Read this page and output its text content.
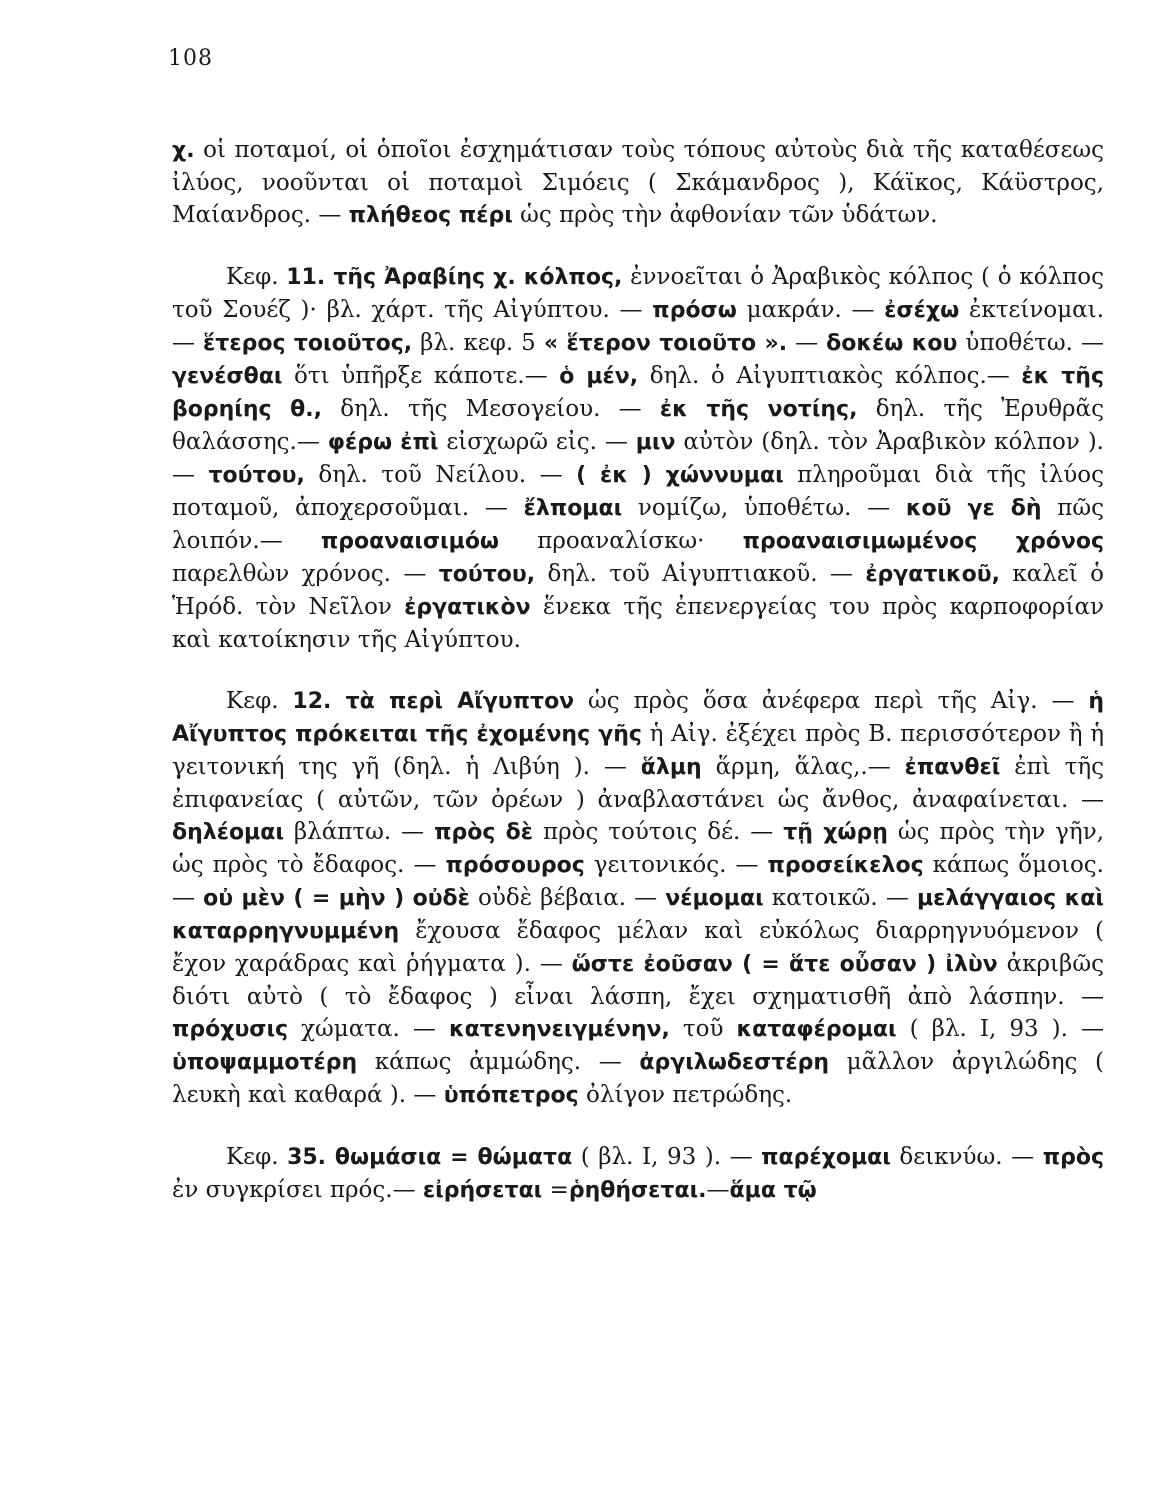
108

χ. οἱ ποταμοί, οἱ ὁποῖοι ἐσχημάτισαν τοὺς τόπους αὐτοὺς διὰ τῆς καταθέσεως ἰλύος, νοοῦνται οἱ ποταμοὶ Σιμόεις ( Σκάμανδρος ), Κάϊκος, Κάϋστρος, Μαίανδρος. — πλήθεος πέρι ὡς πρὸς τὴν ἀφθονίαν τῶν ὑδάτων.

Κεφ. 11. τῆς Ἀραβίης χ. κόλπος, ἐννοεῖται ὁ Ἀραβικὸς κόλπος ( ὁ κόλπος τοῦ Σουέζ )· βλ. χάρτ. τῆς Αἰγύπτου. — πρόσω μακράν. — ἐσέχω ἐκτείνομαι. — ἕτερος τοιοῦτος, βλ. κεφ. 5 « ἕτερον τοιοῦτο ». — δοκέω κου ὑποθέτω. — γενέσθαι ὅτι ὑπῆρξε κάποτε.— ὁ μέν, δηλ. ὁ Αἰγυπτιακὸς κόλπος.— ἐκ τῆς βορηίης θ., δηλ. τῆς Μεσογείου. — ἐκ τῆς νοτίης, δηλ. τῆς Ἐρυθρᾶς θαλάσσης.— φέρω ἐπὶ εἰσχωρῶ εἰς. — μιν αὐτὸν (δηλ. τὸν Ἀραβικὸν κόλπον ). — τούτου, δηλ. τοῦ Νείλου. — ( ἐκ ) χώννυμαι πληροῦμαι διὰ τῆς ἰλύος ποταμοῦ, ἀποχερσοῦμαι. — ἔλπομαι νομίζω, ὑποθέτω. — κοῦ γε δὴ πῶς λοιπόν.— προαναισιμόω προαναλίσκω· προαναισιμωμένος χρόνος παρελθὼν χρόνος. — τούτου, δηλ. τοῦ Αἰγυπτιακοῦ. — ἐργατικοῦ, καλεῖ ὁ Ἡρόδ. τὸν Νεῖλον ἐργατικὸν ἕνεκα τῆς ἐπενεργείας του πρὸς καρποφορίαν καὶ κατοίκησιν τῆς Αἰγύπτου.

Κεφ. 12. τὰ περὶ Αἴγυπτον ὡς πρὸς ὅσα ἀνέφερα περὶ τῆς Αἰγ. — ἡ Αἴγυπτος πρόκειται τῆς ἐχομένης γῆς ἡ Αἰγ. ἐξέχει πρὸς Β. περισσότερον ἢ ἡ γειτονική της γῆ (δηλ. ἡ Λιβύη ). — ἅλμη ἅρμη, ἅλας,.— ἐπανθεῖ ἐπὶ τῆς ἐπιφανείας ( αὐτῶν, τῶν ὀρέων ) ἀναβλαστάνει ὡς ἄνθος, ἀναφαίνεται. — δηλέομαι βλάπτω. — πρὸς δὲ πρὸς τούτοις δέ. — τῇ χώρῃ ὡς πρὸς τὴν γῆν, ὡς πρὸς τὸ ἔδαφος. — πρόσουρος γειτονικός. — προσείκελος κάπως ὅμοιος. — οὐ μὲν ( = μὴν ) οὐδὲ οὐδὲ βέβαια. — νέμομαι κατοικῶ. — μελάγγαιος καὶ καταρρηγνυμμένη ἔχουσα ἔδαφος μέλαν καὶ εὐκόλως διαρρηγνυόμενον ( ἔχον χαράδρας καὶ ῥήγματα ). — ὥστε ἐοῦσαν ( = ἅτε οὖσαν ) ἰλὺν ἀκριβῶς διότι αὐτὸ ( τὸ ἔδαφος ) εἶναι λάσπη, ἔχει σχηματισθῆ ἀπὸ λάσπην. — πρόχυσις χώματα. — κατενηνειγμένην, τοῦ καταφέρομαι ( βλ. Ι, 93 ). — ὑποψαμμοτέρη κάπως ἀμμώδης. — ἀργιλωδεστέρη μᾶλλον ἀργιλώδης ( λευκὴ καὶ καθαρά ). — ὑπόπετρος ὀλίγον πετρώδης.

Κεφ. 35. θωμάσια = θώματα ( βλ. Ι, 93 ). — παρέχομαι δεικνύω. — πρὸς ἐν συγκρίσει πρός.— εἰρήσεται =ῥηθήσεται.—ἅμα τῷ
